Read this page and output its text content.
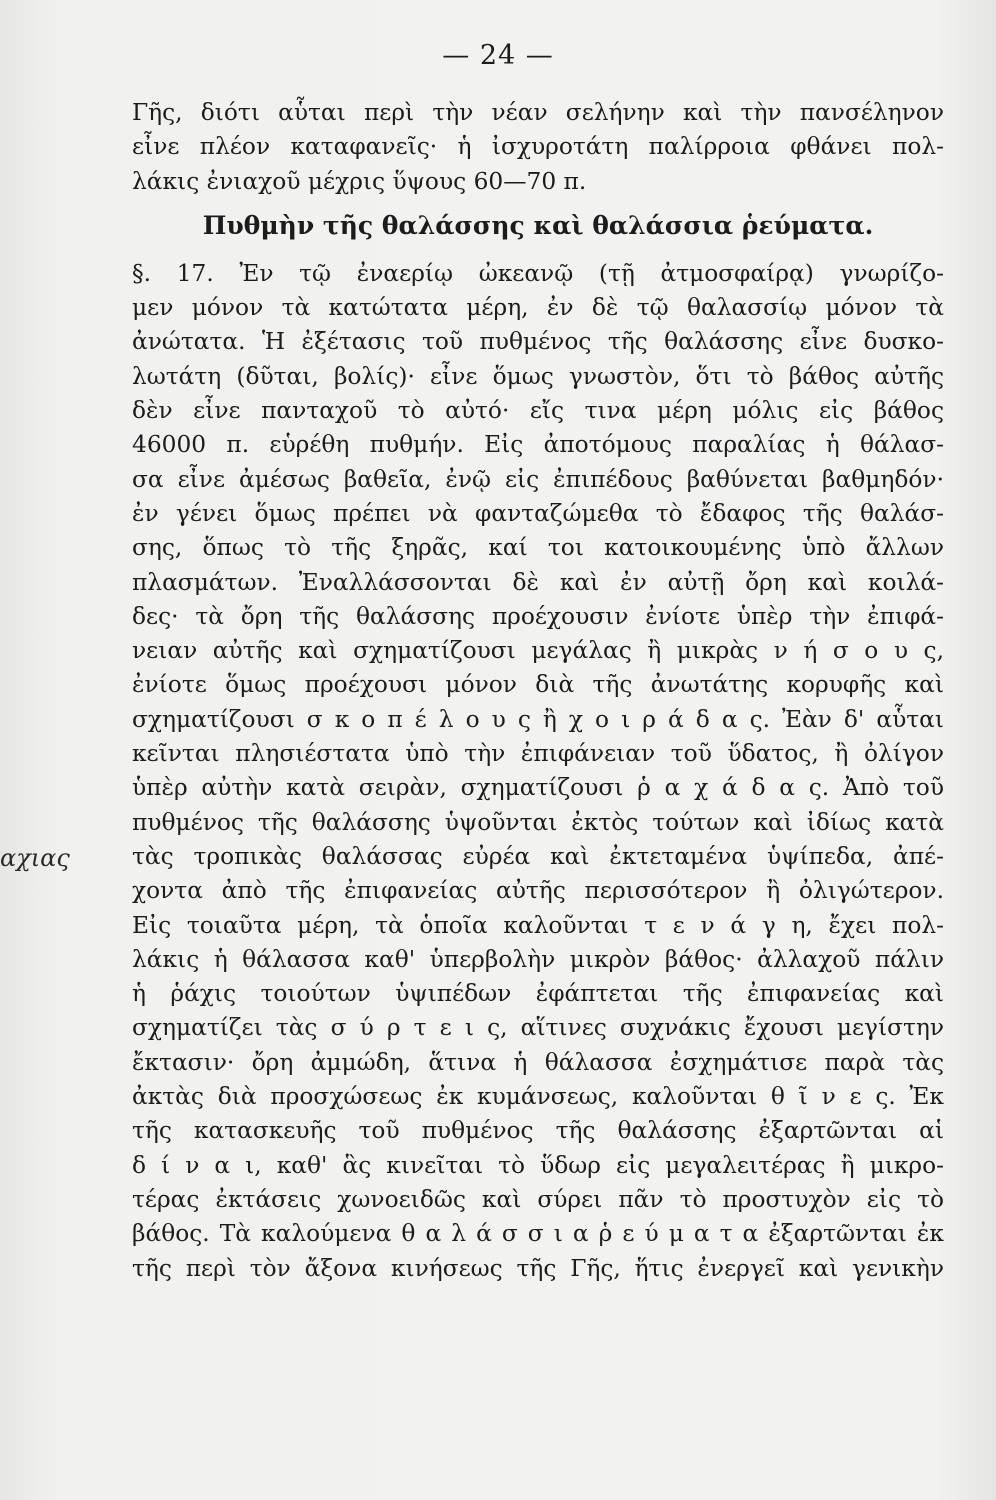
— 24 —
αχιας
Γῆς, διότι αὗται περὶ τὴν νέαν σελήνην καὶ τὴν πανσέληνον
εἶνε πλέον καταφανεῖς· ἡ ἰσχυροτάτη παλίρροια φθάνει πολ-
λάκις ἐνιαχοῦ μέχρις ὕψους 60—70 π.
Πυθμὴν τῆς θαλάσσης καὶ θαλάσσια ῥεύματα.
§. 17. Ἐν τῷ ἐναερίῳ ὠκεανῷ (τῇ ἀτμοσφαίρᾳ) γνωρίζο-
μεν μόνον τὰ κατώτατα μέρη, ἐν δὲ τῷ θαλασσίῳ μόνον τὰ
ἀνώτατα. Ἡ ἐξέτασις τοῦ πυθμένος τῆς θαλάσσης εἶνε δυσκο-
λωτάτη (δῦται, βολίς)· εἶνε ὅμως γνωστὸν, ὅτι τὸ βάθος αὐτῆς
δὲν εἶνε πανταχοῦ τὸ αὐτό· εἴς τινα μέρη μόλις εἰς βάθος
46000 π. εὑρέθη πυθμήν. Εἰς ἀποτόμους παραλίας ἡ θάλασ-
σα εἶνε ἀμέσως βαθεῖα, ἐνῷ εἰς ἐπιπέδους βαθύνεται βαθμηδόν·
ἐν γένει ὅμως πρέπει νὰ φανταζώμεθα τὸ ἔδαφος τῆς θαλάσ-
σης, ὅπως τὸ τῆς ξηρᾶς, καί τοι κατοικουμένης ὑπὸ ἄλλων
πλασμάτων. Ἐναλλάσσονται δὲ καὶ ἐν αὐτῇ ὄρη καὶ κοιλά-
δες· τὰ ὄρη τῆς θαλάσσης προέχουσιν ἐνίοτε ὑπὲρ τὴν ἐπιφά-
νειαν αὐτῆς καὶ σχηματίζουσι μεγάλας ἢ μικρὰς ν ή σ ο υ ς,
ἐνίοτε ὅμως προέχουσι μόνον διὰ τῆς ἀνωτάτης κορυφῆς καὶ
σχηματίζουσι σ κ ο π έ λ ο υ ς ἢ χ ο ι ρ ά δ α ς. Ἐὰν δ' αὗται
κεῖνται πλησιέστατα ὑπὸ τὴν ἐπιφάνειαν τοῦ ὕδατος, ἢ ὀλίγον
ὑπὲρ αὐτὴν κατὰ σειρὰν, σχηματίζουσι ῥ α χ ά δ α ς. Ἀπὸ τοῦ
πυθμένος τῆς θαλάσσης ὑψοῦνται ἐκτὸς τούτων καὶ ἰδίως κατὰ
τὰς τροπικὰς θαλάσσας εὐρέα καὶ ἐκτεταμένα ὑψίπεδα, ἀπέ-
χοντα ἀπὸ τῆς ἐπιφανείας αὐτῆς περισσότερον ἢ ὀλιγώτερον.
Εἰς τοιαῦτα μέρη, τὰ ὁποῖα καλοῦνται τ ε ν ά γ η, ἔχει πολ-
λάκις ἡ θάλασσα καθ' ὑπερβολὴν μικρὸν βάθος· ἀλλαχοῦ πάλιν
ἡ ῥάχις τοιούτων ὑψιπέδων ἐφάπτεται τῆς ἐπιφανείας καὶ
σχηματίζει τὰς σ ύ ρ τ ε ι ς, αἵτινες συχνάκις ἔχουσι μεγίστην
ἔκτασιν· ὄρη ἀμμώδη, ἅτινα ἡ θάλασσα ἐσχημάτισε παρὰ τὰς
ἀκτὰς διὰ προσχώσεως ἐκ κυμάνσεως, καλοῦνται θ ῖ ν ε ς. Ἐκ
τῆς κατασκευῆς τοῦ πυθμένος τῆς θαλάσσης ἐξαρτῶνται αἱ
δ ί ν α ι, καθ' ἃς κινεῖται τὸ ὕδωρ εἰς μεγαλειτέρας ἢ μικρο-
τέρας ἐκτάσεις χωνοειδῶς καὶ σύρει πᾶν τὸ προστυχὸν εἰς τὸ
βάθος. Τὰ καλούμενα θ α λ ά σ σ ι α ῥ ε ύ μ α τ α ἐξαρτῶνται ἐκ
τῆς περὶ τὸν ἄξονα κινήσεως τῆς Γῆς, ἥτις ἐνεργεῖ καὶ γενικὴν
